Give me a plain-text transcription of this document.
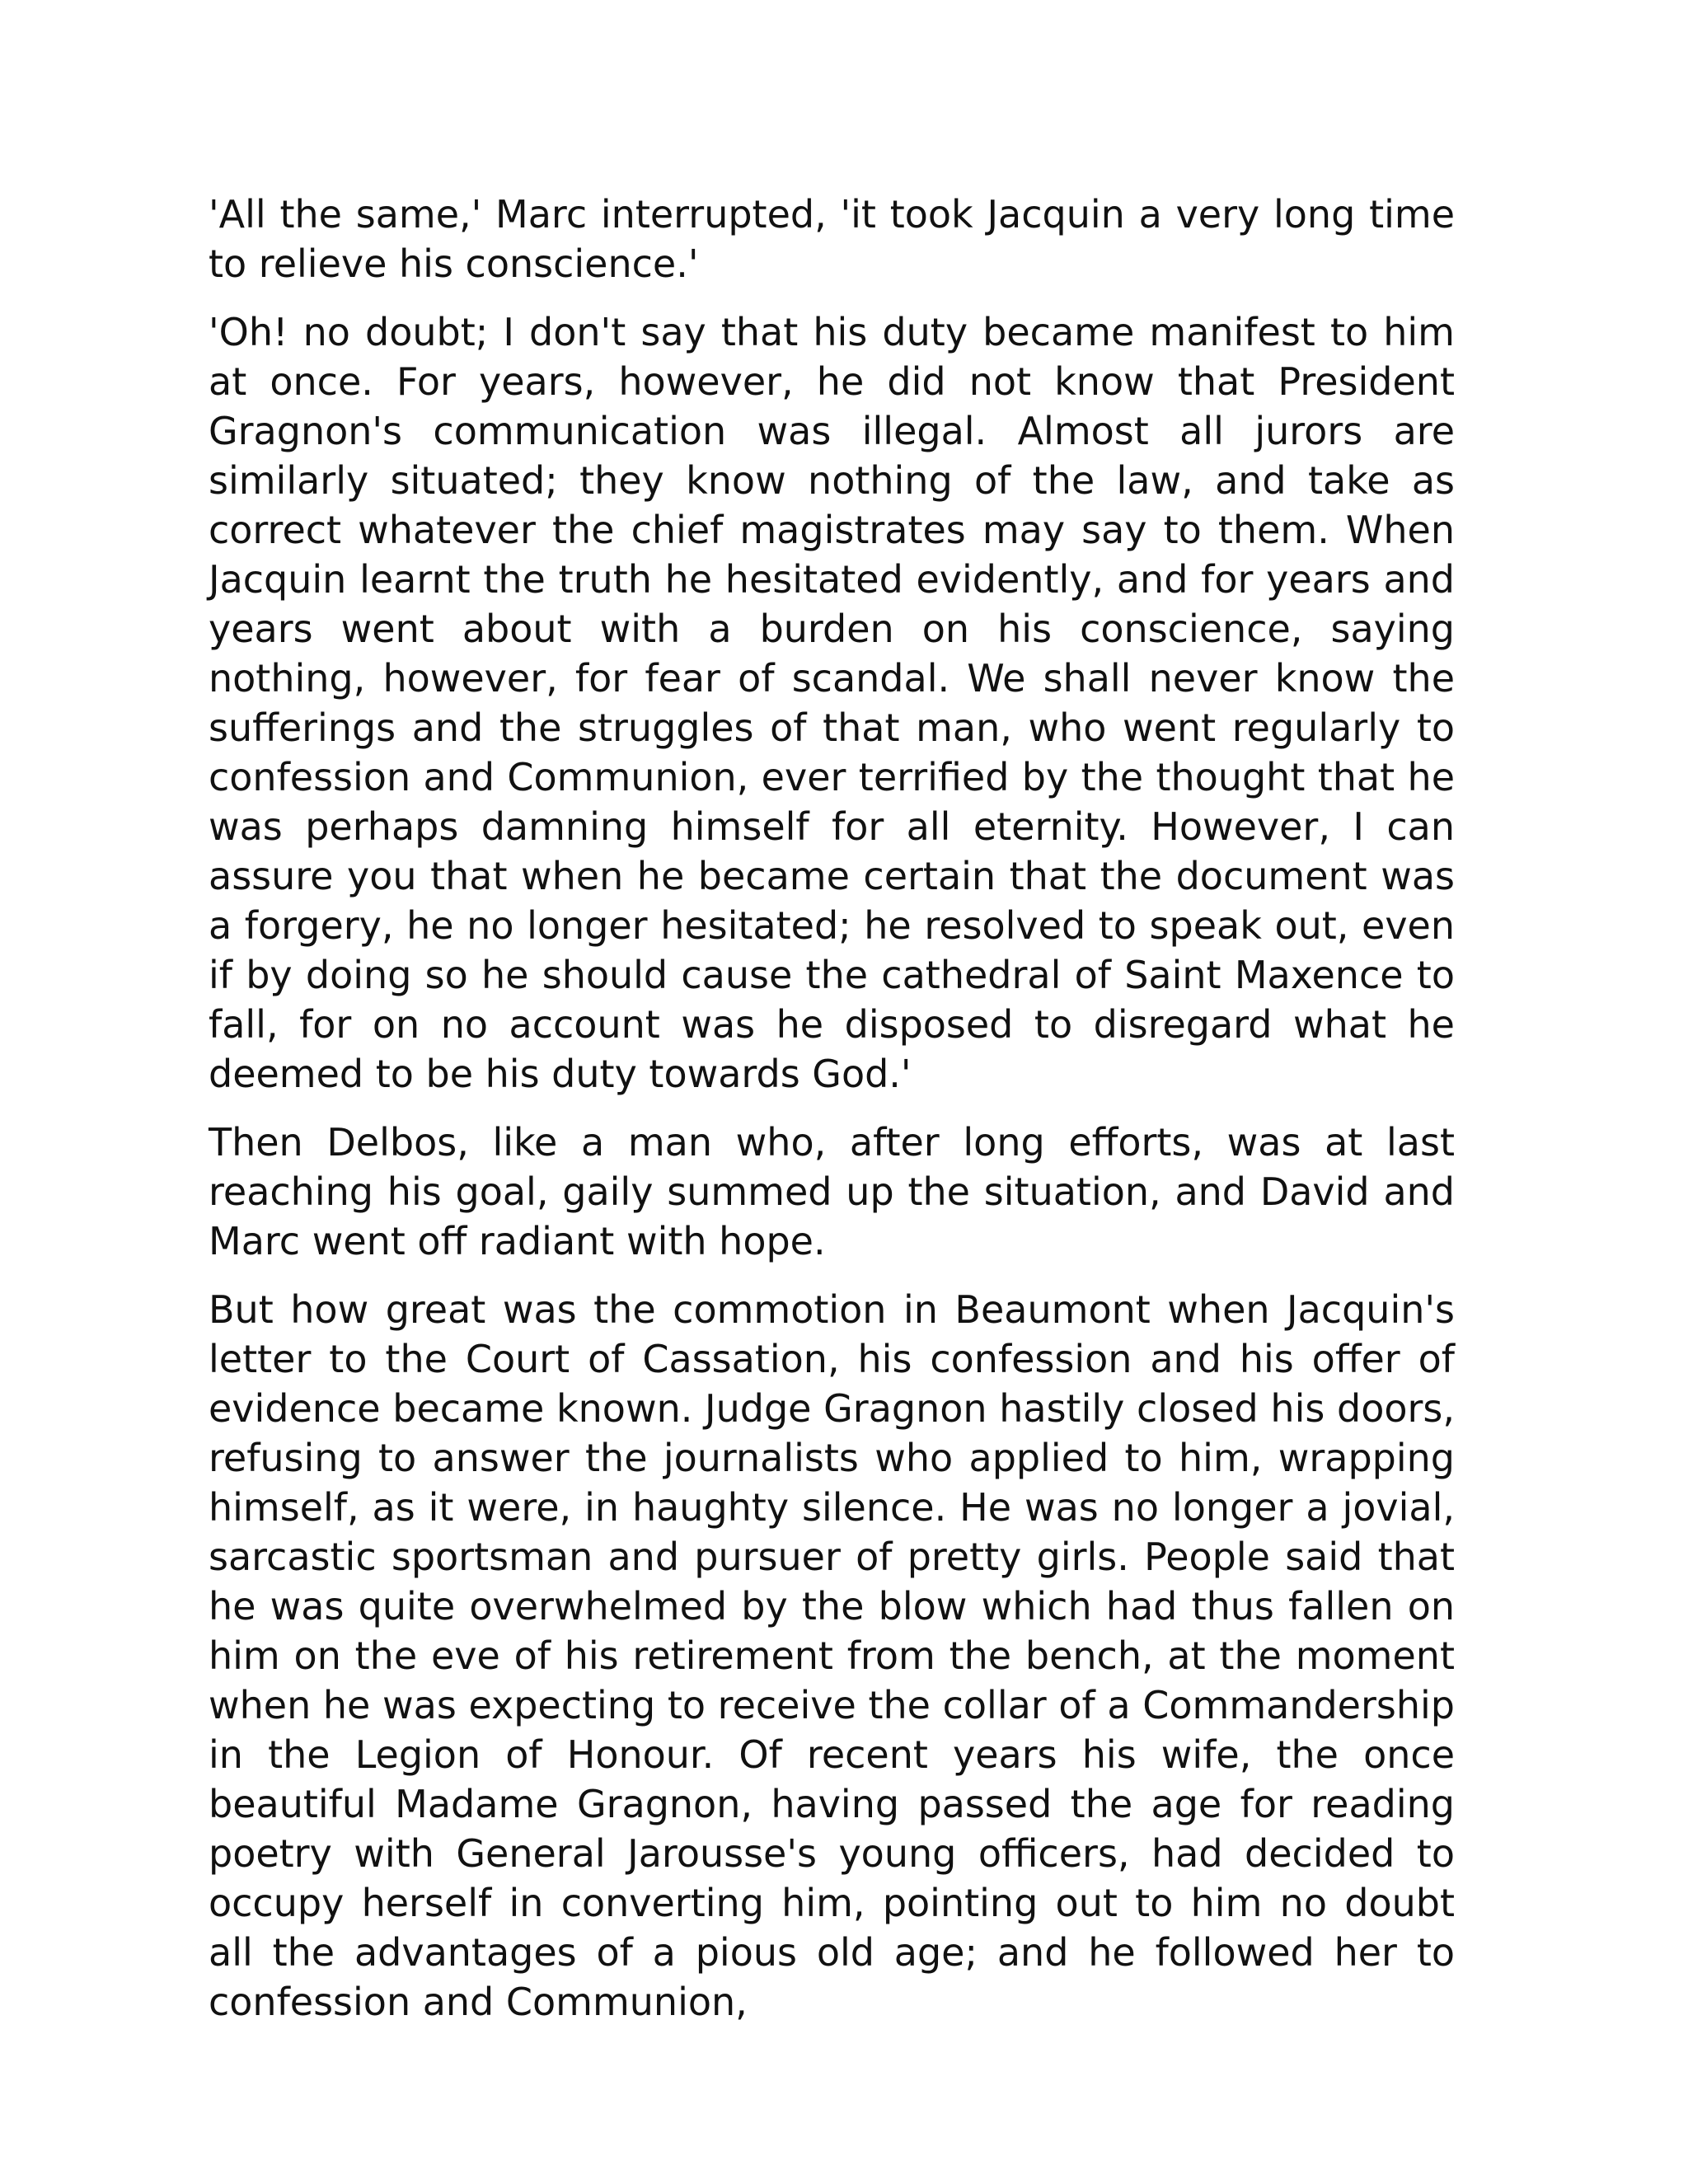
'All the same,' Marc interrupted, 'it took Jacquin a very long time to relieve his conscience.'

'Oh! no doubt; I don't say that his duty became manifest to him at once. For years, however, he did not know that President Gragnon's communication was illegal. Almost all jurors are similarly situated; they know nothing of the law, and take as correct whatever the chief magistrates may say to them. When Jacquin learnt the truth he hesitated evidently, and for years and years went about with a burden on his conscience, saying nothing, however, for fear of scandal. We shall never know the sufferings and the struggles of that man, who went regularly to confession and Communion, ever terrified by the thought that he was perhaps damning himself for all eternity. However, I can assure you that when he became certain that the document was a forgery, he no longer hesitated; he resolved to speak out, even if by doing so he should cause the cathedral of Saint Maxence to fall, for on no account was he disposed to disregard what he deemed to be his duty towards God.'

Then Delbos, like a man who, after long efforts, was at last reaching his goal, gaily summed up the situation, and David and Marc went off radiant with hope.

But how great was the commotion in Beaumont when Jacquin's letter to the Court of Cassation, his confession and his offer of evidence became known. Judge Gragnon hastily closed his doors, refusing to answer the journalists who applied to him, wrapping himself, as it were, in haughty silence. He was no longer a jovial, sarcastic sportsman and pursuer of pretty girls. People said that he was quite overwhelmed by the blow which had thus fallen on him on the eve of his retirement from the bench, at the moment when he was expecting to receive the collar of a Commandership in the Legion of Honour. Of recent years his wife, the once beautiful Madame Gragnon, having passed the age for reading poetry with General Jarousse's young officers, had decided to occupy herself in converting him, pointing out to him no doubt all the advantages of a pious old age; and he followed her to confession and Communion,
